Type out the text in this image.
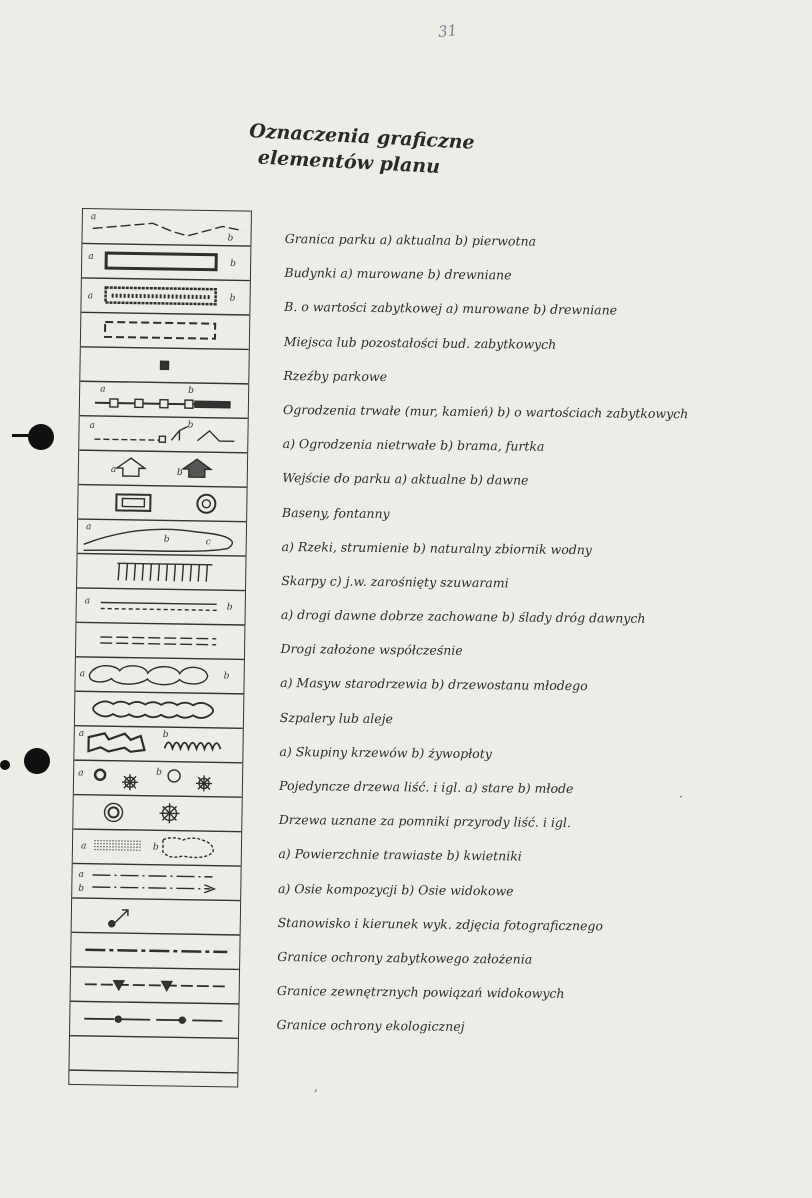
31
Oznaczenia graficzne
elementów planu
a
b
a
b
a	b
a	b
a	b
a	b
a
b	c
a
b
a	b
a	b
a	b
a	b
a
b
Granica parku a) aktualna b) pierwotna
Budynki a) murowane b) drewniane
B. o wartości zabytkowej a) murowane b) drewniane
Miejsca lub pozostałości bud. zabytkowych
Rzeźby parkowe
Ogrodzenia trwałe (mur, kamień) b) o wartościach zabytkowych
a) Ogrodzenia nietrwałe b) brama, furtka
Wejście do parku a) aktualne b) dawne
Baseny, fontanny
a) Rzeki, strumienie b) naturalny zbiornik wodny
Skarpy c) j.w. zarośnięty szuwarami
a) drogi dawne dobrze zachowane b) ślady dróg dawnych
Drogi założone współcześnie
a) Masyw starodrzewia b) drzewostanu młodego
Szpalery lub aleje
a) Skupiny krzewów b) żywopłoty
Pojedyncze drzewa liść. i igl. a) stare b) młode
Drzewa uznane za pomniki przyrody liść. i igl.
a) Powierzchnie trawiaste b) kwietniki
a) Osie kompozycji b) Osie widokowe
Stanowisko i kierunek wyk. zdjęcia fotograficznego
Granice ochrony zabytkowego założenia
Granice zewnętrznych powiązań widokowych
Granice ochrony ekologicznej
·
,
